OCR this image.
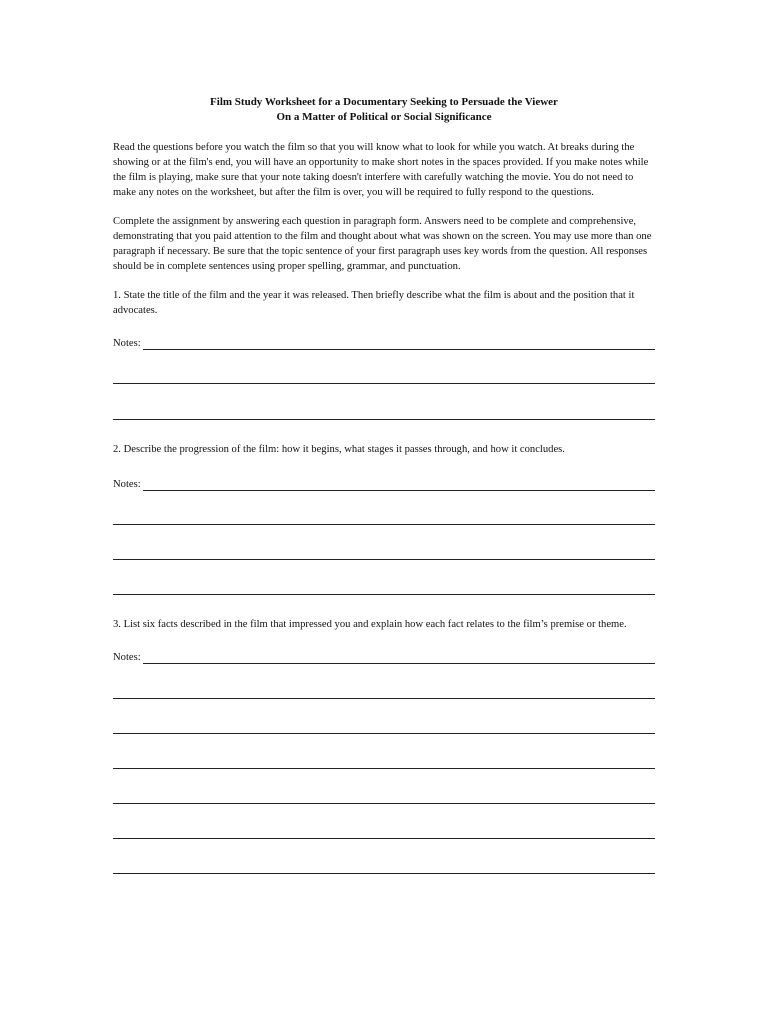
Film Study Worksheet for a Documentary Seeking to Persuade the Viewer

On a Matter of Political or Social Significance

Read the questions before you watch the film so that you will know what to look for while you watch. At breaks during the showing or at the film's end, you will have an opportunity to make short notes in the spaces provided. If you make notes while the film is playing, make sure that your note taking doesn't interfere with carefully watching the movie. You do not need to make any notes on the worksheet, but after the film is over, you will be required to fully respond to the questions.

Complete the assignment by answering each question in paragraph form. Answers need to be complete and comprehensive, demonstrating that you paid attention to the film and thought about what was shown on the screen. You may use more than one paragraph if necessary. Be sure that the topic sentence of your first paragraph uses key words from the question. All responses should be in complete sentences using proper spelling, grammar, and punctuation.

1. State the title of the film and the year it was released. Then briefly describe what the film is about and the position that it advocates.

Notes:

2. Describe the progression of the film: how it begins, what stages it passes through, and how it concludes.

Notes:

3. List six facts described in the film that impressed you and explain how each fact relates to the film’s premise or theme.

Notes:
